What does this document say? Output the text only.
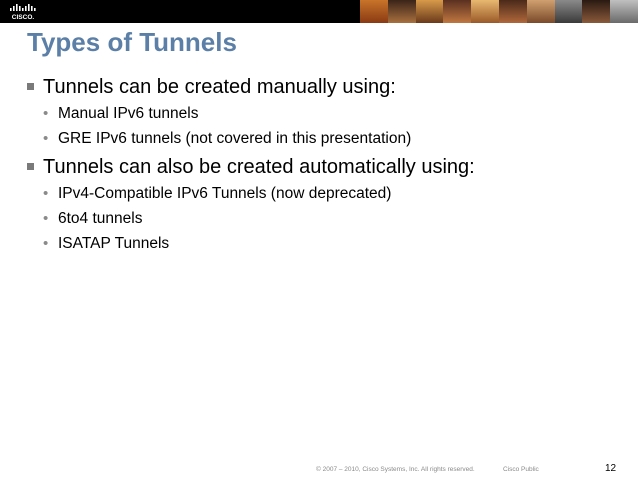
CISCO.
Types of Tunnels
Tunnels can be created manually using:
• Manual IPv6 tunnels
• GRE IPv6 tunnels (not covered in this presentation)
Tunnels can also be created automatically using:
• IPv4-Compatible IPv6 Tunnels (now deprecated)
• 6to4 tunnels
• ISATAP Tunnels
© 2007 – 2010, Cisco Systems, Inc. All rights reserved.	Cisco Public	12
